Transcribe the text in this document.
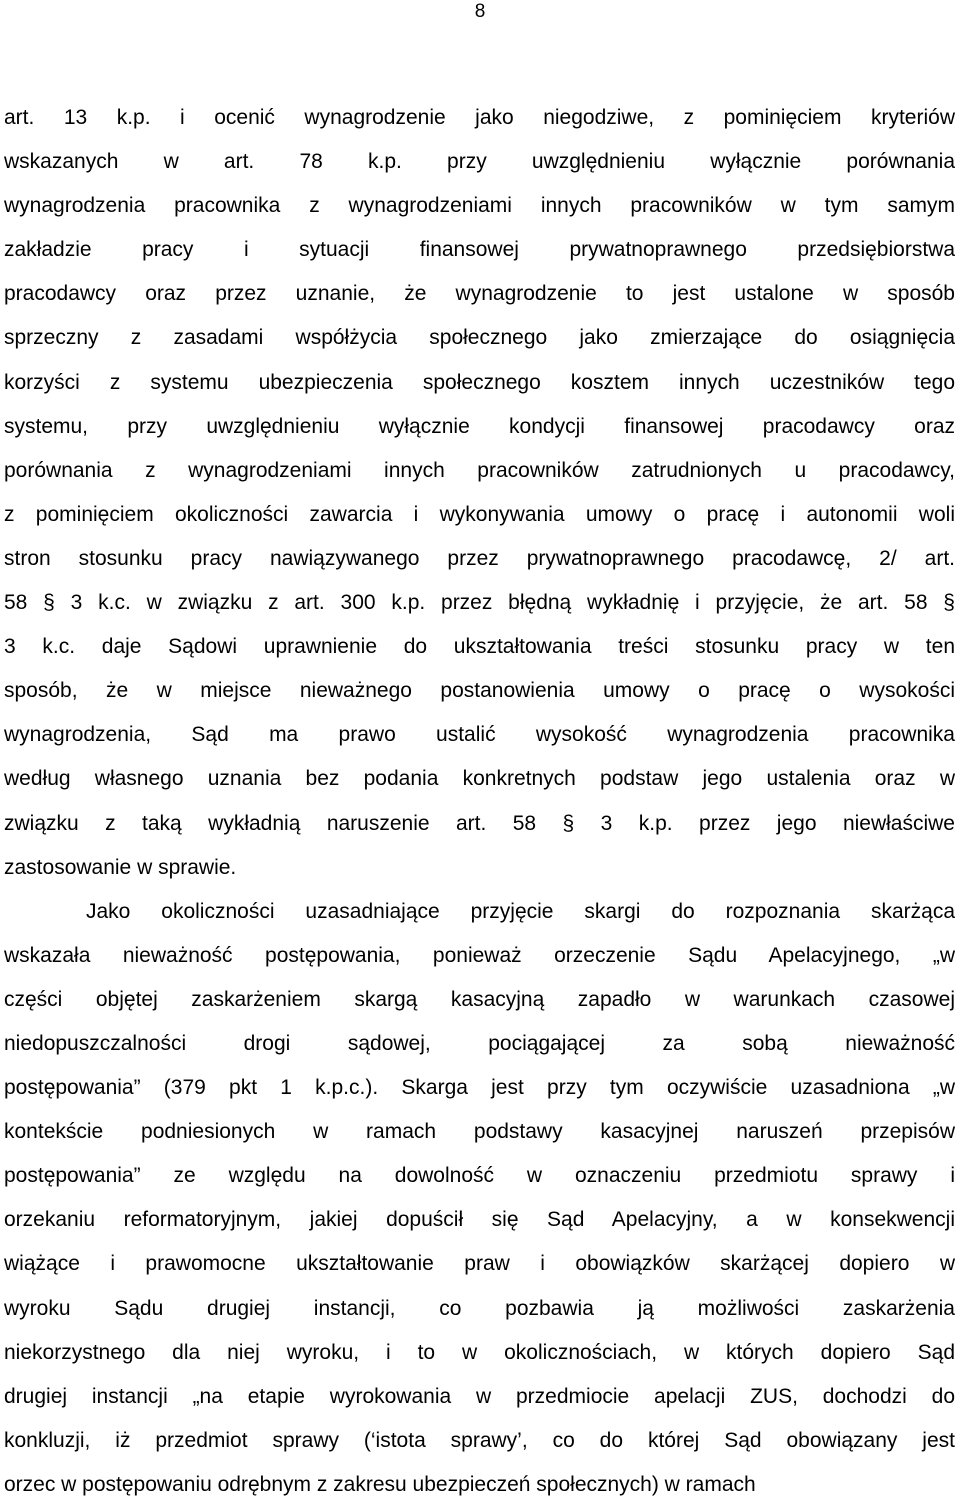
8
art. 13 k.p. i ocenić wynagrodzenie jako niegodziwe, z pominięciem kryteriów
wskazanych w art. 78 k.p. przy uwzględnieniu wyłącznie porównania
wynagrodzenia pracownika z wynagrodzeniami innych pracowników w tym samym
zakładzie pracy i sytuacji finansowej prywatnoprawnego przedsiębiorstwa
pracodawcy oraz przez uznanie, że wynagrodzenie to jest ustalone w sposób
sprzeczny z zasadami współżycia społecznego jako zmierzające do osiągnięcia
korzyści z systemu ubezpieczenia społecznego kosztem innych uczestników tego
systemu, przy uwzględnieniu wyłącznie kondycji finansowej pracodawcy oraz
porównania z wynagrodzeniami innych pracowników zatrudnionych u pracodawcy,
z pominięciem okoliczności zawarcia i wykonywania umowy o pracę i autonomii woli
stron stosunku pracy nawiązywanego przez prywatnoprawnego pracodawcę, 2/ art.
58 § 3 k.c. w związku z art. 300 k.p. przez błędną wykładnię i przyjęcie, że art. 58 §
3 k.c. daje Sądowi uprawnienie do ukształtowania treści stosunku pracy w ten
sposób, że w miejsce nieważnego postanowienia umowy o pracę o wysokości
wynagrodzenia, Sąd ma prawo ustalić wysokość wynagrodzenia pracownika
według własnego uznania bez podania konkretnych podstaw jego ustalenia oraz w
związku z taką wykładnią naruszenie art. 58 § 3 k.p. przez jego niewłaściwe
zastosowanie w sprawie.
Jako okoliczności uzasadniające przyjęcie skargi do rozpoznania skarżąca
wskazała nieważność postępowania, ponieważ orzeczenie Sądu Apelacyjnego, „w
części objętej zaskarżeniem skargą kasacyjną zapadło w warunkach czasowej
niedopuszczalności drogi sądowej, pociągającej za sobą nieważność
postępowania” (379 pkt 1 k.p.c.). Skarga jest przy tym oczywiście uzasadniona „w
kontekście podniesionych w ramach podstawy kasacyjnej naruszeń przepisów
postępowania” ze względu na dowolność w oznaczeniu przedmiotu sprawy i
orzekaniu reformatoryjnym, jakiej dopuścił się Sąd Apelacyjny, a w konsekwencji
wiążące i prawomocne ukształtowanie praw i obowiązków skarżącej dopiero w
wyroku Sądu drugiej instancji, co pozbawia ją możliwości zaskarżenia
niekorzystnego dla niej wyroku, i to w okolicznościach, w których dopiero Sąd
drugiej instancji „na etapie wyrokowania w przedmiocie apelacji ZUS, dochodzi do
konkluzji, iż przedmiot sprawy (‘istota sprawy’, co do której Sąd obowiązany jest
orzec w postępowaniu odrębnym z zakresu ubezpieczeń społecznych) w ramach
